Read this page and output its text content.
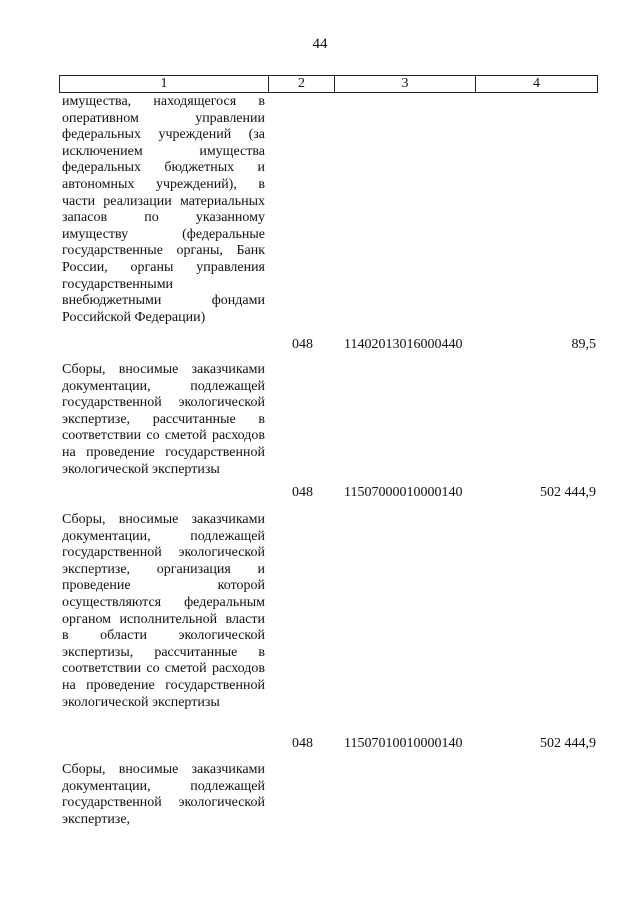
44
1	2	3	4
имущества, находящегося в оперативном управлении федеральных учреждений (за исключением имущества федеральных бюджетных и автономных учреждений), в части реализации материальных запасов по указанному имуществу (федеральные государственные органы, Банк России, органы управления государственными внебюджетными фондами Российской Федерации)
048 11402013016000440	89,5
Сборы, вносимые заказчиками документации, подлежащей государственной экологической экспертизе, рассчитанные в соответствии со сметой расходов на проведение государственной экологической экспертизы
048 11507000010000140	502 444,9
Сборы, вносимые заказчиками документации, подлежащей государственной экологической экспертизе, организация и проведение которой осуществляются федеральным органом исполнительной власти в области экологической экспертизы, рассчитанные в соответствии со сметой расходов на проведение государственной экологической экспертизы
048 11507010010000140	502 444,9
Сборы, вносимые заказчиками документации, подлежащей государственной экологической экспертизе,
